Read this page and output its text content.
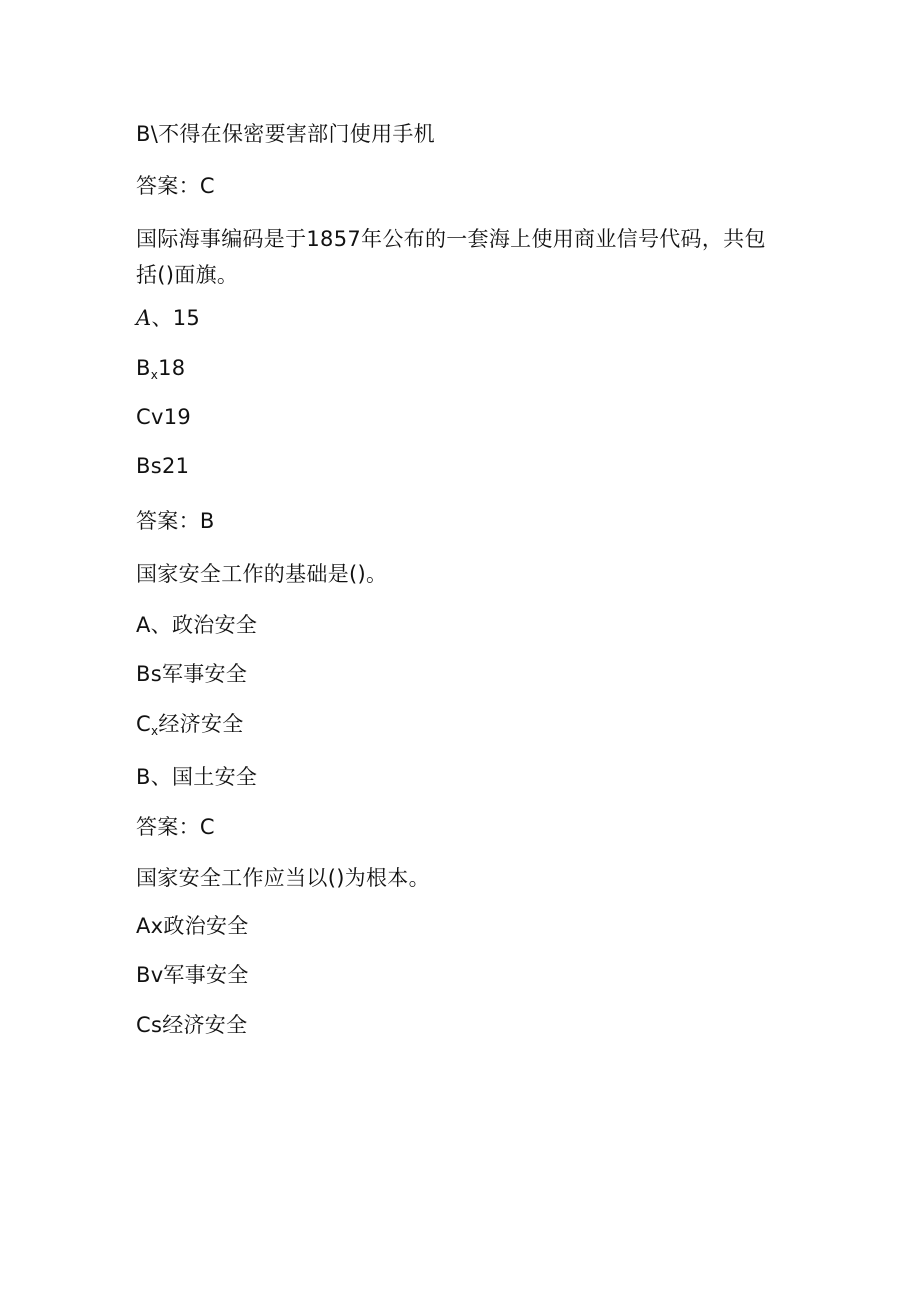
B\不得在保密要害部门使用手机

答案：C

国际海事编码是于1857年公布的一套海上使用商业信号代码，共包括()面旗。

A、15

$B_x18$

Cv19

Bs21

答案：B

国家安全工作的基础是()。

A、政治安全

Bs军事安全

$C_x$经济安全

B、国土安全

答案：C

国家安全工作应当以()为根本。

Ax政治安全

Bv军事安全

Cs经济安全
